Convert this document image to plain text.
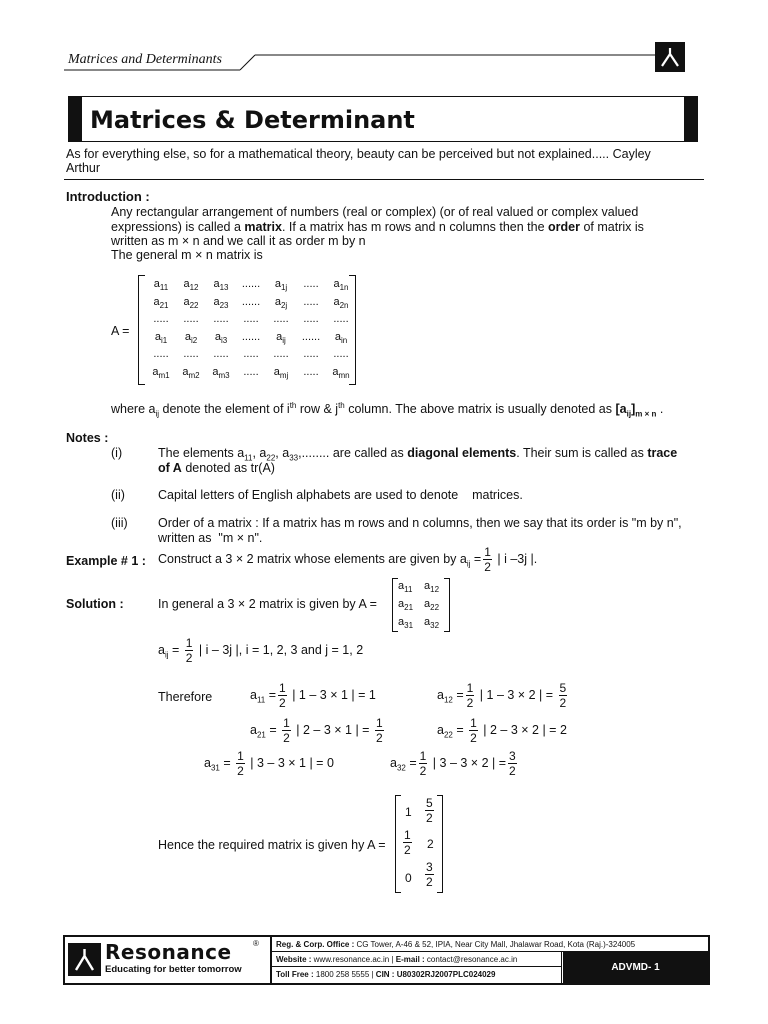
Matrices and Determinants
Matrices & Determinant
As for everything else, so for a mathematical theory, beauty can be perceived but not explained..... Cayley
Arthur
Introduction :
Any rectangular arrangement of numbers (real or complex) (or of real valued or complex valued
expressions) is called a matrix. If a matrix has m rows and n columns then the order of matrix is
written as m × n and we call it as order m by n
The general m × n matrix is
A =
$a_{11}$	$a_{12}$	$a_{13}$	......	$a_{1j}$	.....	$a_{1n}$
$a_{21}$	$a_{22}$	$a_{23}$	......	$a_{2j}$	.....	$a_{2n}$
.....	.....	.....	.....	.....	.....	.....
$a_{i1}$	$a_{i2}$	$a_{i3}$	......	$a_{ij}$	......	$a_{in}$
.....	.....	.....	.....	.....	.....	.....
$a_{m1}$	$a_{m2}$	$a_{m3}$	.....	$a_{mj}$	.....	$a_{mn}$
where $a_{ij}$ denote the element of $i^{th}$ row & $j^{th}$ column. The above matrix is usually denoted as $[a_{ij}]_{m \times n}$ .
Notes :
(i)	The elements $a_{11}$, $a_{22}$, $a_{33}$,........ are called as diagonal elements. Their sum is called as trace
of A denoted as tr(A)
(ii)	Capital letters of English alphabets are used to denote    matrices.
(iii) Order of a matrix : If a matrix has m rows and n columns, then we say that its order is "m by n",
written as  "m × n".
Example # 1 : Construct a 3 × 2 matrix whose elements are given by $a_{ij} = \frac{1}{2}$ | i –3j |.
Solution :	In general a 3 × 2 matrix is given by A =
$a_{11}$ $a_{12}$
$a_{21}$ $a_{22}$
$a_{31}$ $a_{32}$
$a_{ij} = \frac{1}{2}$ | i – 3j |, i = 1, 2, 3 and j = 1, 2
Therefore	$a_{11} = \frac{1}{2}$ | 1 – 3 × 1 | = 1	$a_{12} = \frac{1}{2}$ | 1 – 3 × 2 | = $\frac{5}{2}$
$a_{21} = \frac{1}{2}$ | 2 – 3 × 1 | = $\frac{1}{2}$	$a_{22} = \frac{1}{2}$ | 2 – 3 × 2 | = 2
$a_{31} = \frac{1}{2}$ | 3 – 3 × 1 | = 0	$a_{32} = \frac{1}{2}$ | 3 – 3 × 2 | = $\frac{3}{2}$
Hence the required matrix is given hy A =
$1 \frac{5}{2}$
$\frac{1}{2} 2$
$0 \frac{3}{2}$
Resonance	®
Educating for better tomorrow
Reg. & Corp. Office : CG Tower, A-46 & 52, IPIA, Near City Mall, Jhalawar Road, Kota (Raj.)-324005
Website : www.resonance.ac.in | E-mail : contact@resonance.ac.in
Toll Free : 1800 258 5555 | CIN : U80302RJ2007PLC024029
ADVMD- 1
